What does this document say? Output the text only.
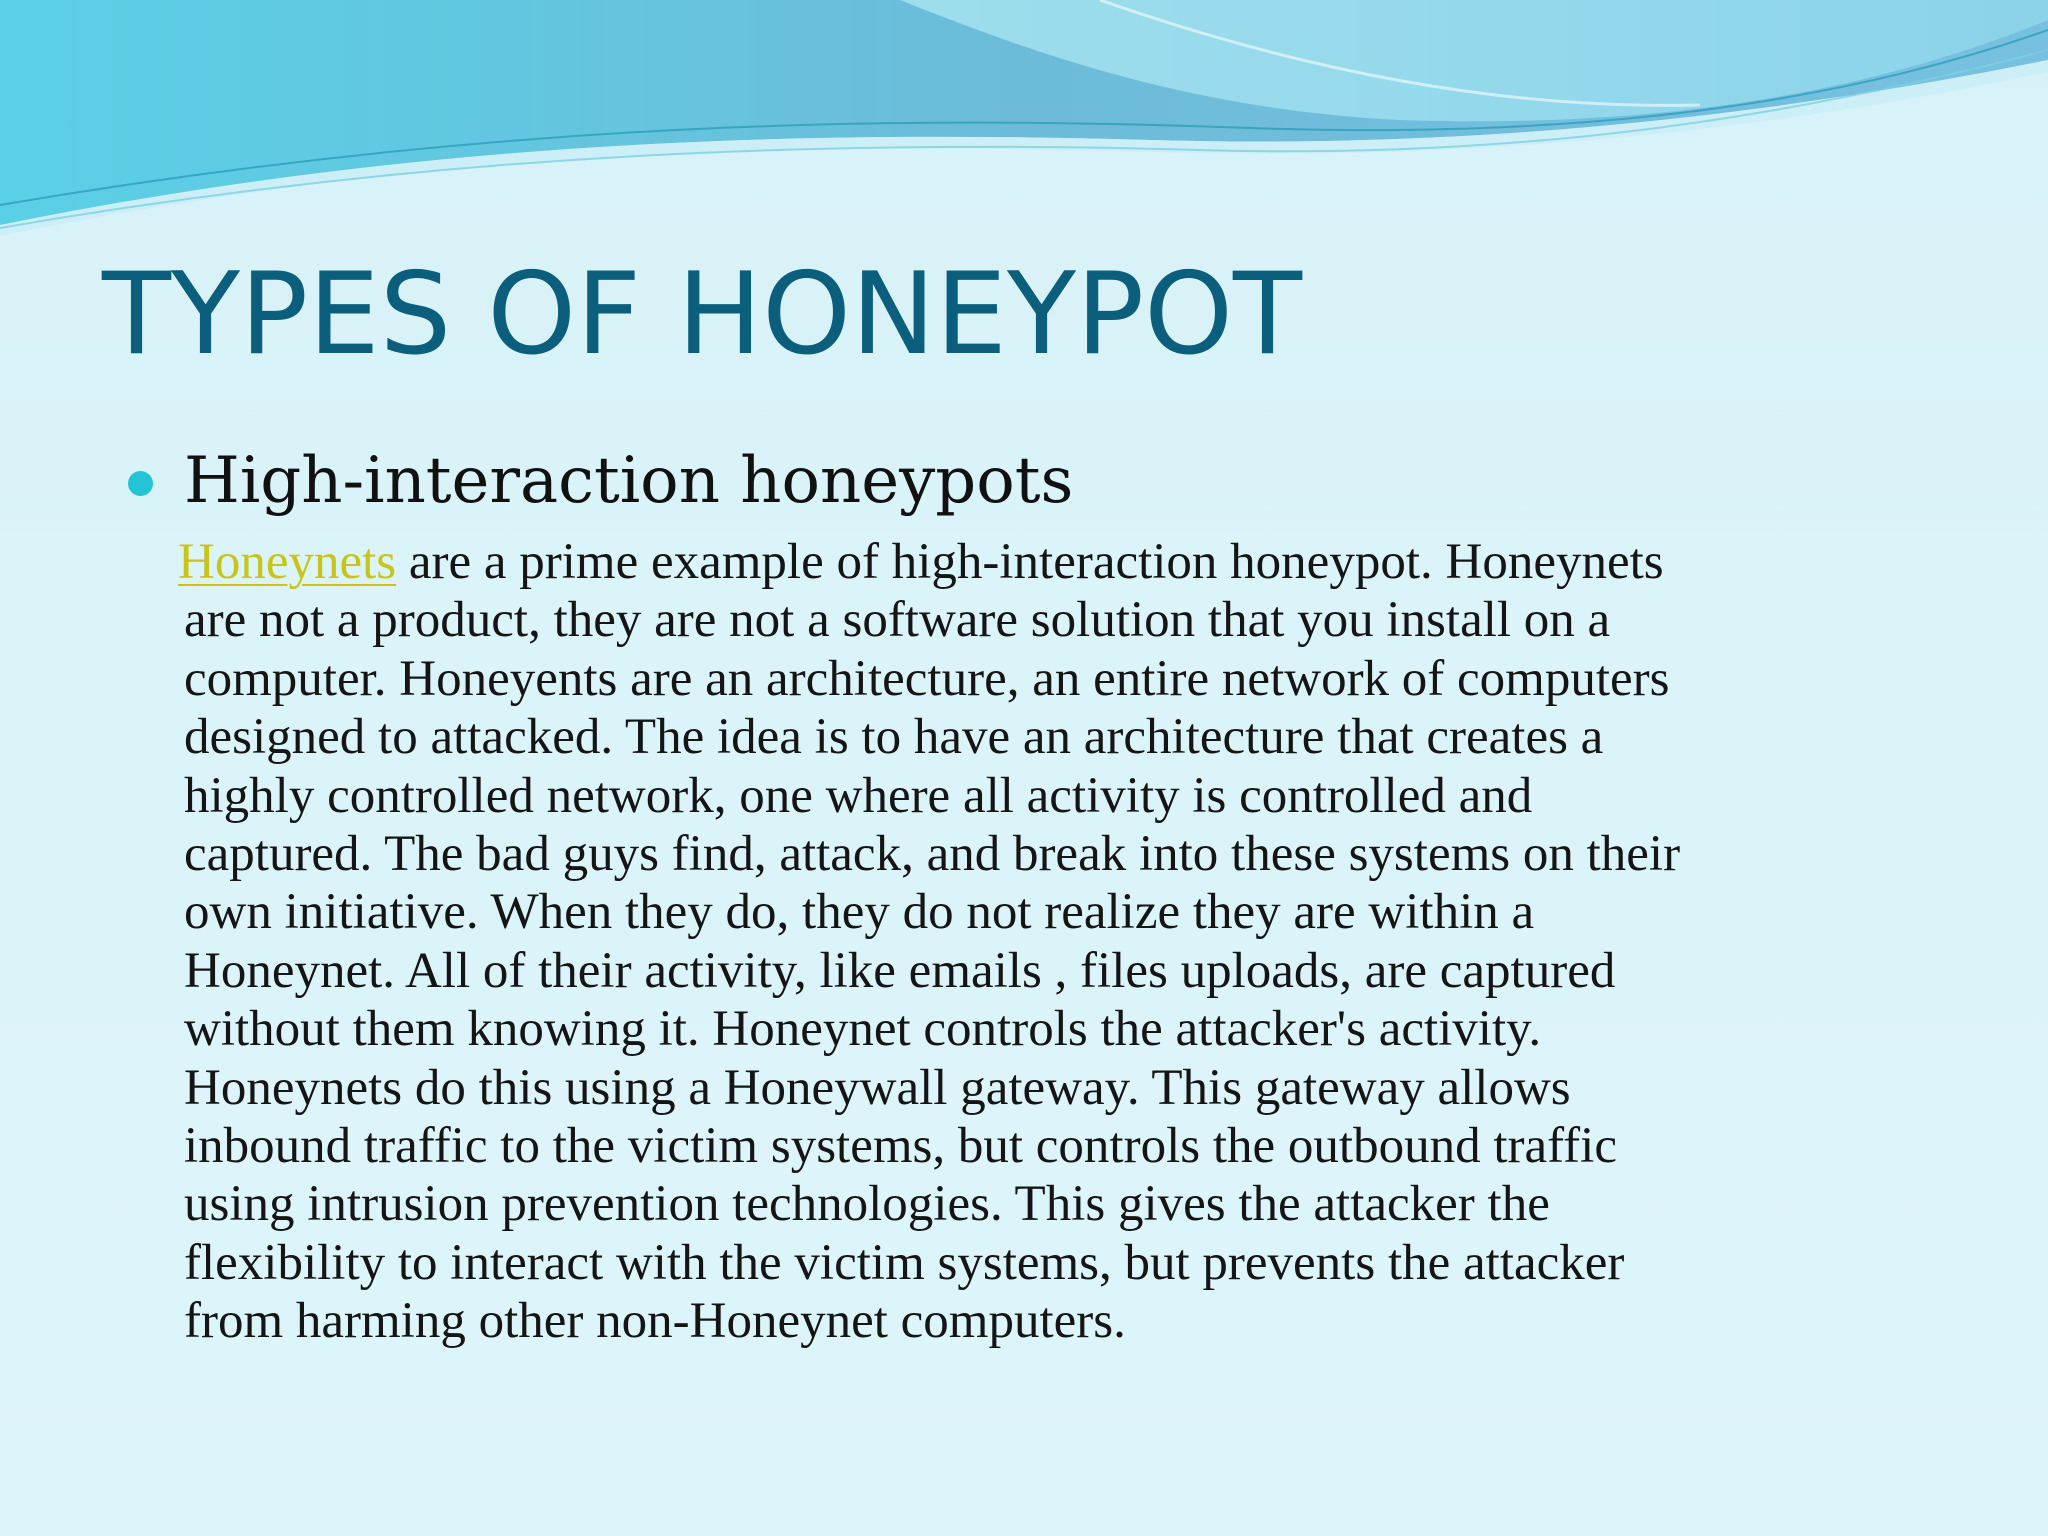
TYPES OF HONEYPOT
High-interaction honeypots
Honeynets are a prime example of high-interaction honeypot. Honeynets
are not a product, they are not a software solution that you install on a
computer. Honeyents are an architecture, an entire network of computers
designed to attacked. The idea is to have an architecture that creates a
highly controlled network, one where all activity is controlled and
captured. The bad guys find, attack, and break into these systems on their
own initiative. When they do, they do not realize they are within a
Honeynet. All of their activity, like emails , files uploads, are captured
without them knowing it. Honeynet controls the attacker's activity.
Honeynets do this using a Honeywall gateway. This gateway allows
inbound traffic to the victim systems, but controls the outbound traffic
using intrusion prevention technologies. This gives the attacker the
flexibility to interact with the victim systems, but prevents the attacker
from harming other non-Honeynet computers.
